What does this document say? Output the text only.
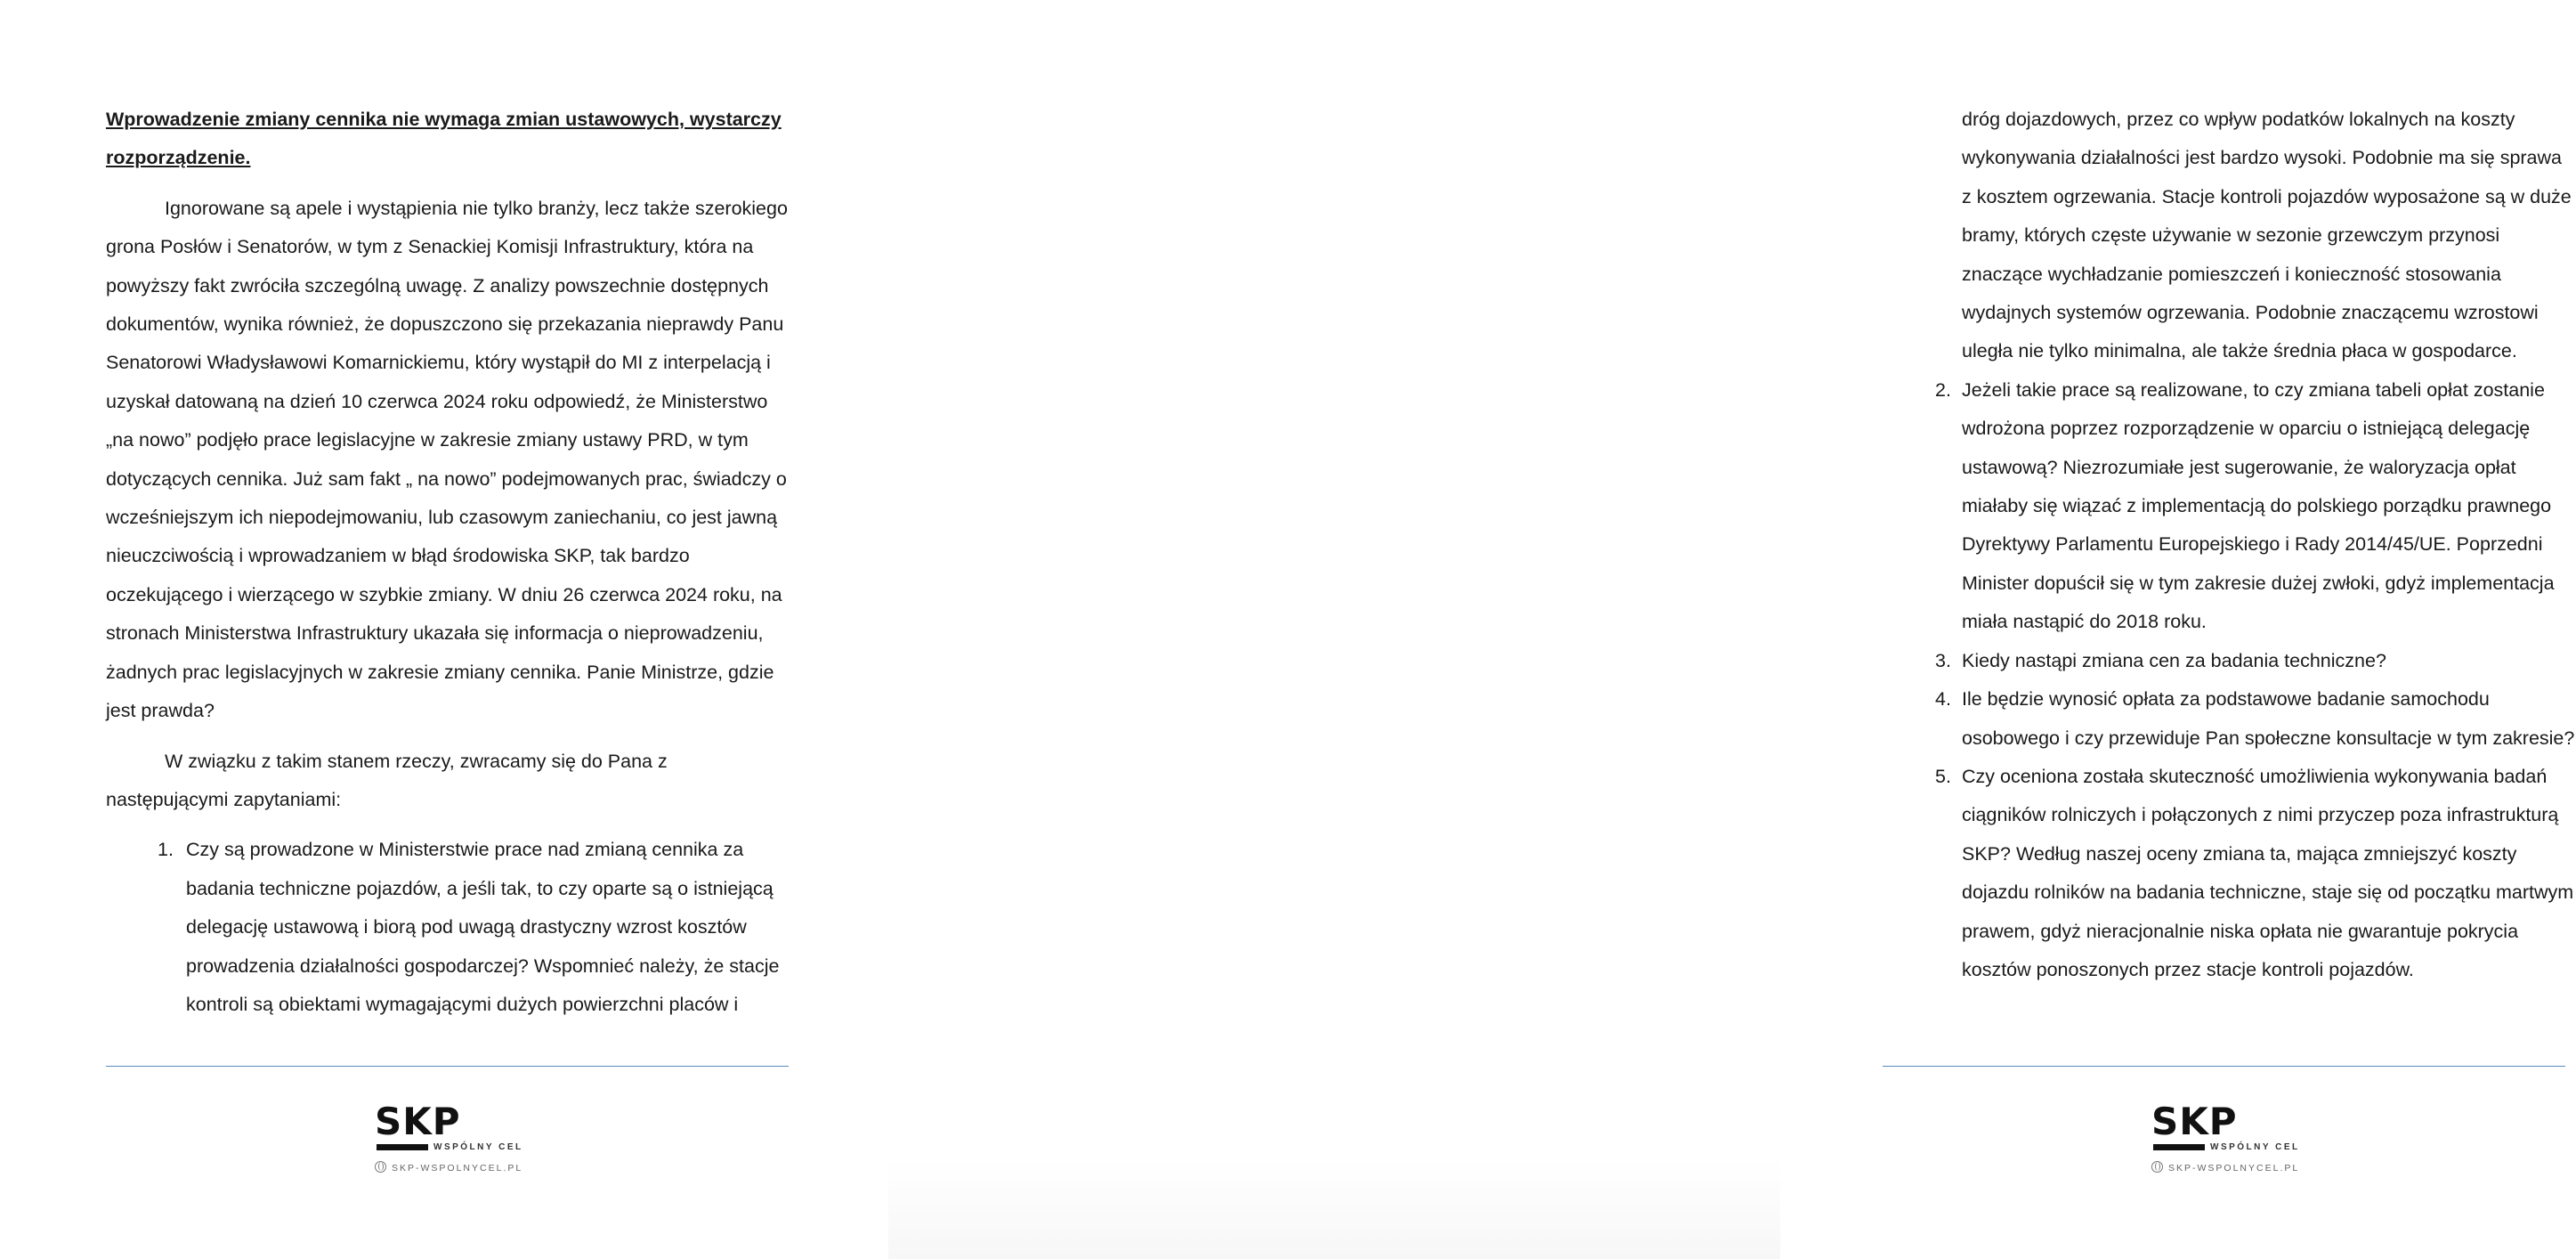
Wprowadzenie zmiany cennika nie wymaga zmian ustawowych, wystarczy
rozporządzenie.

Ignorowane są apele i wystąpienia nie tylko branży, lecz także szerokiego grona Posłów i Senatorów, w tym z Senackiej Komisji Infrastruktury, która na powyższy fakt zwróciła szczególną uwagę. Z analizy powszechnie dostępnych dokumentów, wynika również, że dopuszczono się przekazania nieprawdy Panu Senatorowi Władysławowi Komarnickiemu, który wystąpił do MI z interpelacją i uzyskał datowaną na dzień 10 czerwca 2024 roku odpowiedź, że Ministerstwo „na nowo” podjęło prace legislacyjne w zakresie zmiany ustawy PRD, w tym dotyczących cennika. Już sam fakt „ na nowo” podejmowanych prac, świadczy o wcześniejszym ich niepodejmowaniu, lub czasowym zaniechaniu, co jest jawną nieuczciwością i wprowadzaniem w błąd środowiska SKP, tak bardzo oczekującego i wierzącego w szybkie zmiany. W dniu 26 czerwca 2024 roku, na stronach Ministerstwa Infrastruktury ukazała się informacja o nieprowadzeniu, żadnych prac legislacyjnych w zakresie zmiany cennika. Panie Ministrze, gdzie jest prawda?

W związku z takim stanem rzeczy, zwracamy się do Pana z następującymi zapytaniami:

1. Czy są prowadzone w Ministerstwie prace nad zmianą cennika za badania techniczne pojazdów, a jeśli tak, to czy oparte są o istniejącą delegację ustawową i biorą pod uwagą drastyczny wzrost kosztów prowadzenia działalności gospodarczej? Wspomnieć należy, że stacje kontroli są obiektami wymagającymi dużych powierzchni placów i
SKP
WSPÓLNY CEL
SKP-WSPOLNYCEL.PL

dróg dojazdowych, przez co wpływ podatków lokalnych na koszty wykonywania działalności jest bardzo wysoki. Podobnie ma się sprawa z kosztem ogrzewania. Stacje kontroli pojazdów wyposażone są w duże bramy, których częste używanie w sezonie grzewczym przynosi znaczące wychładzanie pomieszczeń i konieczność stosowania wydajnych systemów ogrzewania. Podobnie znaczącemu wzrostowi uległa nie tylko minimalna, ale także średnia płaca w gospodarce.

2. Jeżeli takie prace są realizowane, to czy zmiana tabeli opłat zostanie wdrożona poprzez rozporządzenie w oparciu o istniejącą delegację ustawową? Niezrozumiałe jest sugerowanie, że waloryzacja opłat miałaby się wiązać z implementacją do polskiego porządku prawnego Dyrektywy Parlamentu Europejskiego i Rady 2014/45/UE. Poprzedni Minister dopuścił się w tym zakresie dużej zwłoki, gdyż implementacja miała nastąpić do 2018 roku.
3. Kiedy nastąpi zmiana cen za badania techniczne?
4. Ile będzie wynosić opłata za podstawowe badanie samochodu osobowego i czy przewiduje Pan społeczne konsultacje w tym zakresie?
5. Czy oceniona została skuteczność umożliwienia wykonywania badań ciągników rolniczych i połączonych z nimi przyczep poza infrastrukturą SKP? Według naszej oceny zmiana ta, mająca zmniejszyć koszty dojazdu rolników na badania techniczne, staje się od początku martwym prawem, gdyż nieracjonalnie niska opłata nie gwarantuje pokrycia kosztów ponoszonych przez stacje kontroli pojazdów.
SKP
WSPÓLNY CEL
SKP-WSPOLNYCEL.PL
